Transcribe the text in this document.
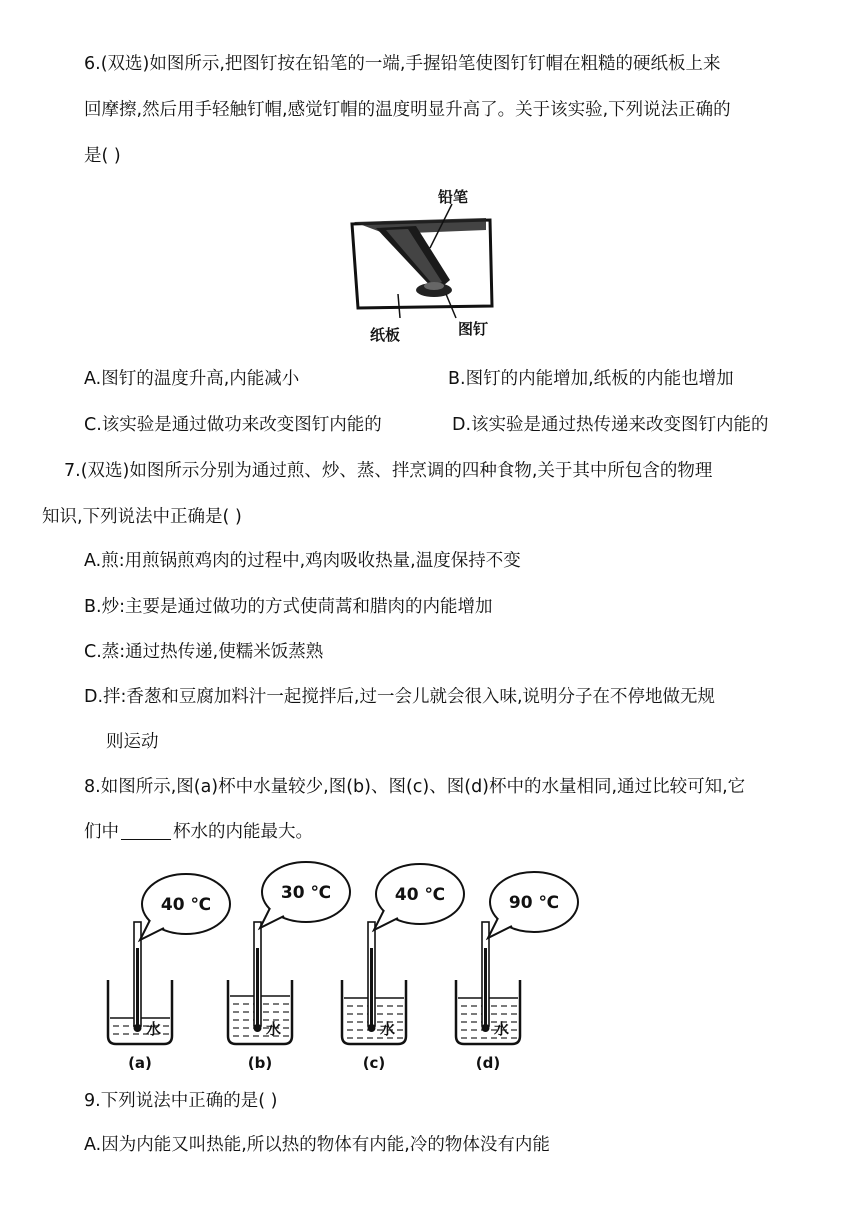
6.(双选)如图所示,把图钉按在铅笔的一端,手握铅笔使图钉钉帽在粗糙的硬纸板上来
回摩擦,然后用手轻触钉帽,感觉钉帽的温度明显升高了。关于该实验,下列说法正确的
是( )
铅笔
纸板	图钉
A.图钉的温度升高,内能减小	B.图钉的内能增加,纸板的内能也增加
C.该实验是通过做功来改变图钉内能的	D.该实验是通过热传递来改变图钉内能的
7.(双选)如图所示分别为通过煎、炒、蒸、拌烹调的四种食物,关于其中所包含的物理
知识,下列说法中正确是( )
A.煎:用煎锅煎鸡肉的过程中,鸡肉吸收热量,温度保持不变
B.炒:主要是通过做功的方式使茼蒿和腊肉的内能增加
C.蒸:通过热传递,使糯米饭蒸熟
D.拌:香葱和豆腐加料汁一起搅拌后,过一会儿就会很入味,说明分子在不停地做无规
则运动
8.如图所示,图(a)杯中水量较少,图(b)、图(c)、图(d)杯中的水量相同,通过比较可知,它
们中	杯水的内能最大。
水
40 ℃
(a)
水
30 ℃
(b)
水
40 ℃
(c)
水
90 ℃
(d)
9.下列说法中正确的是( )
A.因为内能又叫热能,所以热的物体有内能,冷的物体没有内能
